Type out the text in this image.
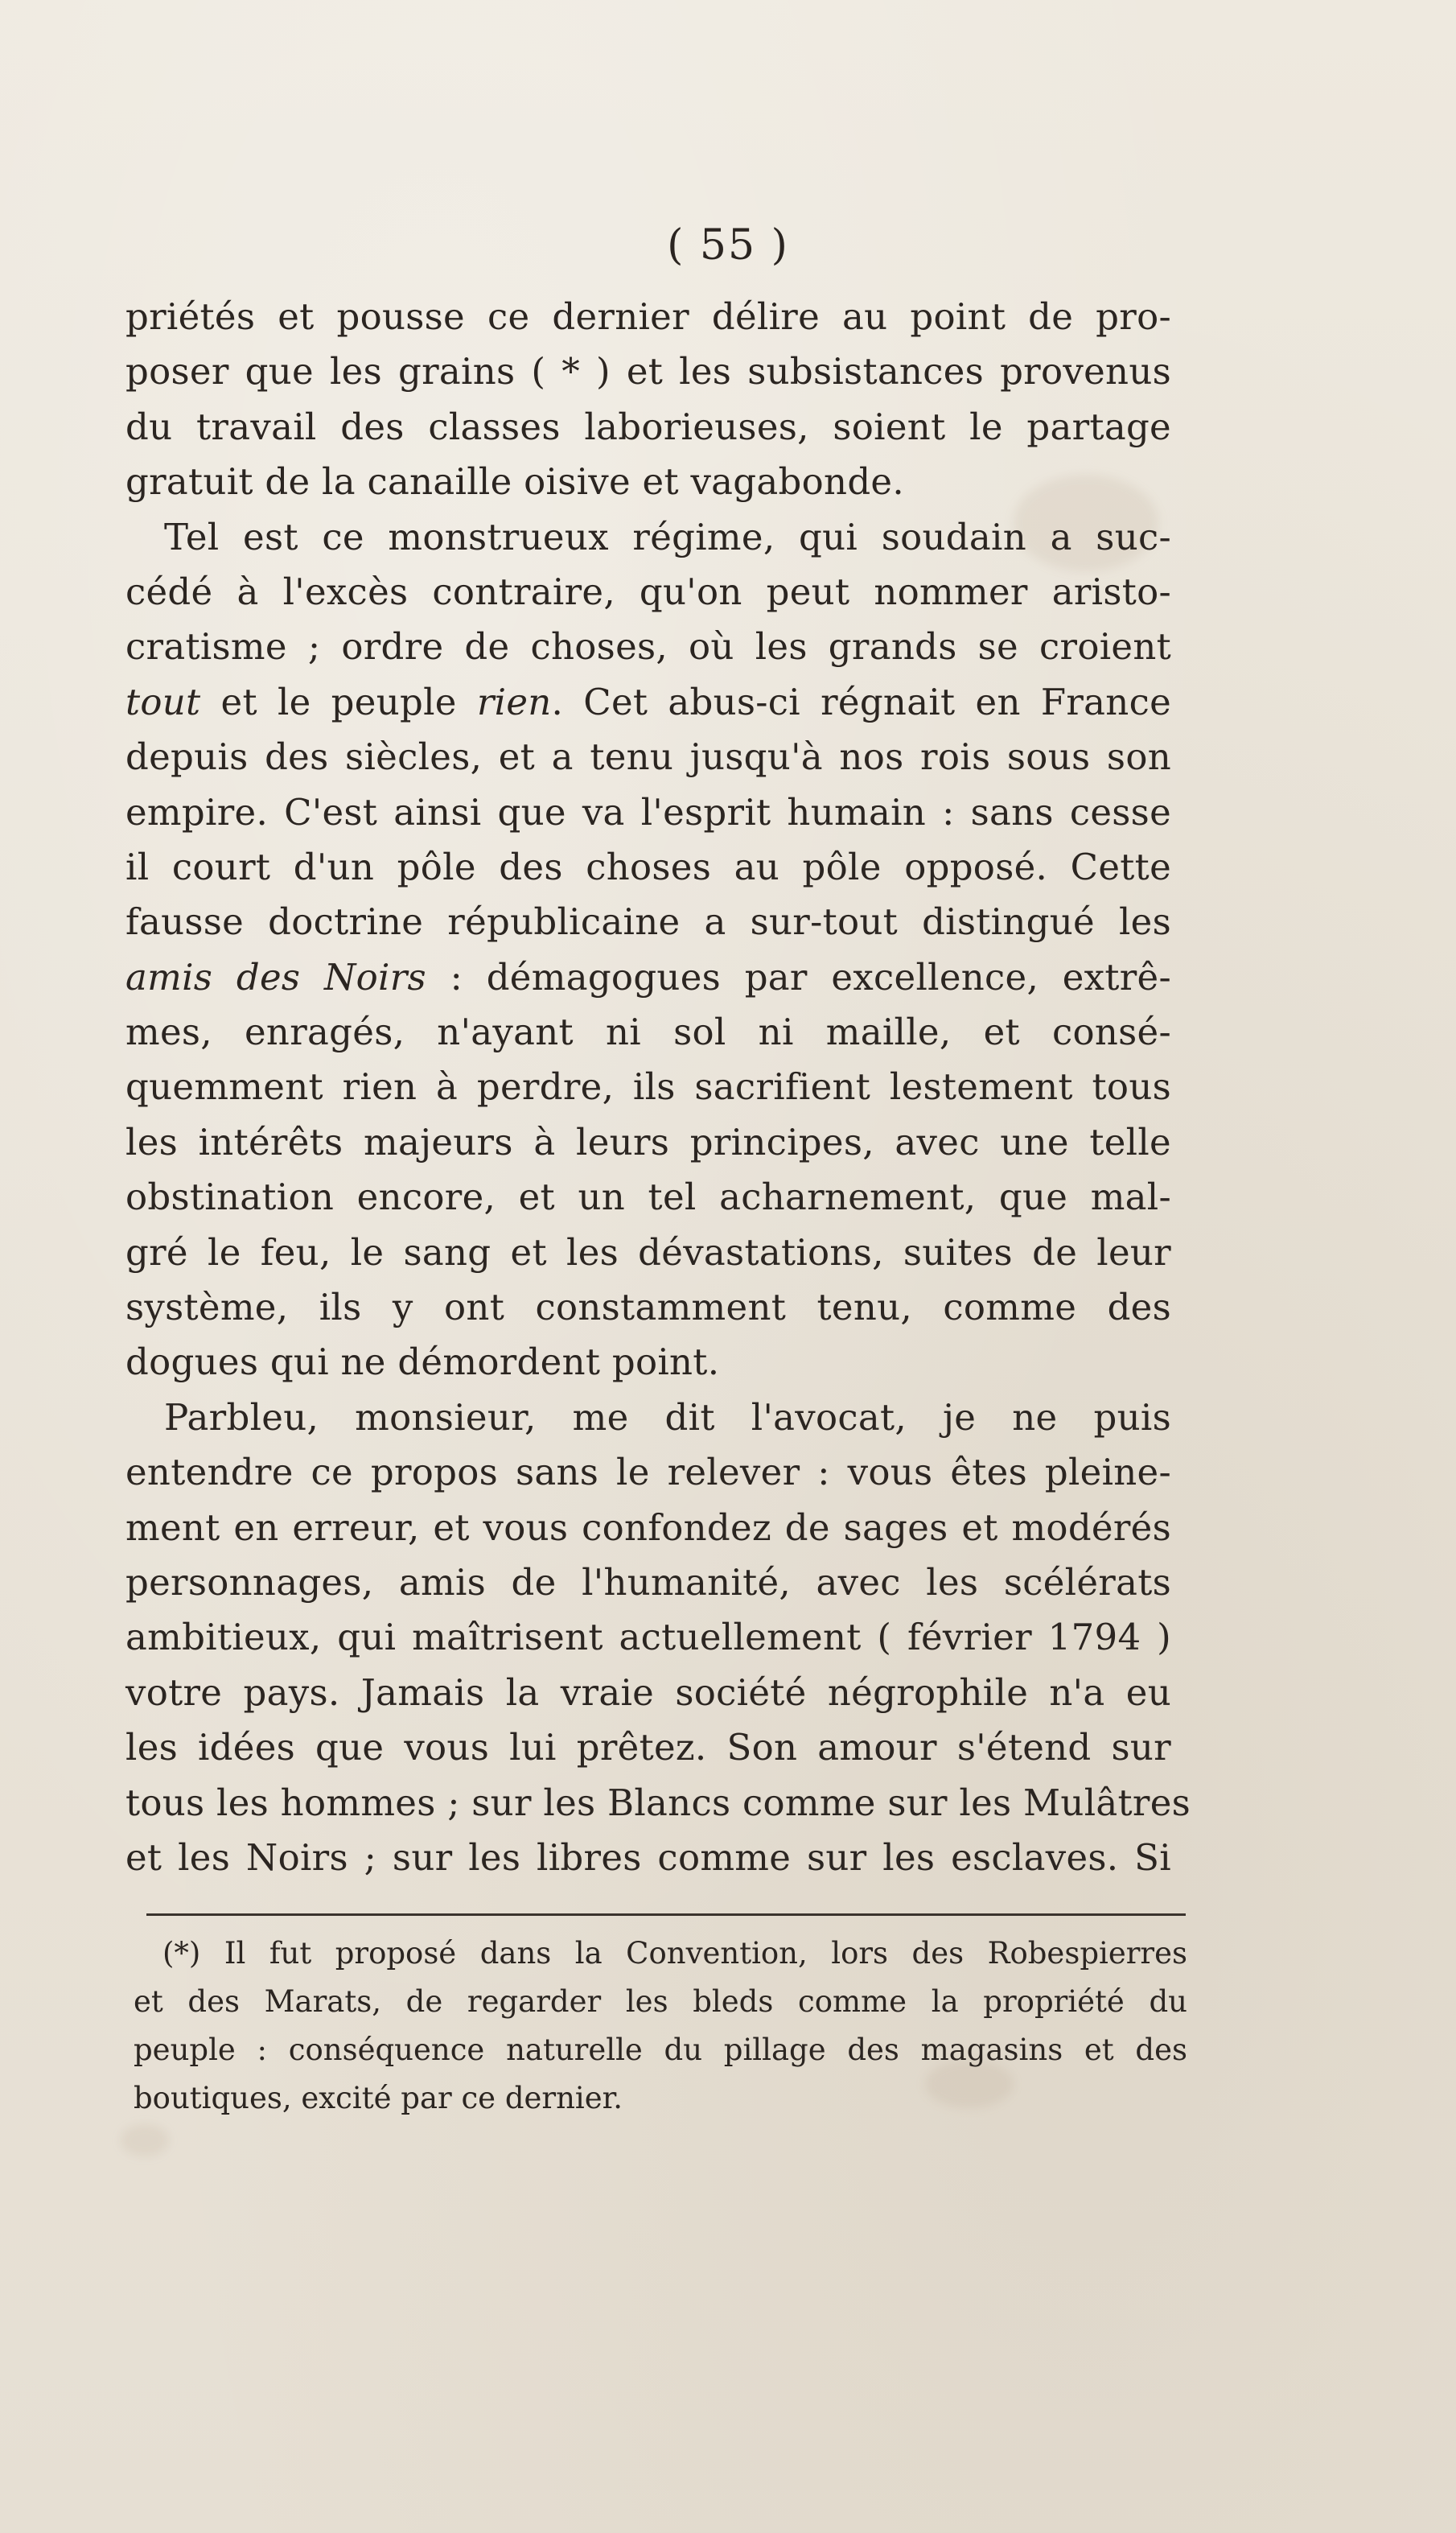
( 55 )
priétés et pousse ce dernier délire au point de pro-
poser que les grains ( * ) et les subsistances provenus
du travail des classes laborieuses, soient le partage
gratuit de la canaille oisive et vagabonde.
Tel est ce monstrueux régime, qui soudain a suc-
cédé à l'excès contraire, qu'on peut nommer aristo-
cratisme ; ordre de choses, où les grands se croient
tout et le peuple rien. Cet abus-ci régnait en France
depuis des siècles, et a tenu jusqu'à nos rois sous son
empire. C'est ainsi que va l'esprit humain : sans cesse
il court d'un pôle des choses au pôle opposé. Cette
fausse doctrine républicaine a sur-tout distingué les
amis des Noirs : démagogues par excellence, extrê-
mes, enragés, n'ayant ni sol ni maille, et consé-
quemment rien à perdre, ils sacrifient lestement tous
les intérêts majeurs à leurs principes, avec une telle
obstination encore, et un tel acharnement, que mal-
gré le feu, le sang et les dévastations, suites de leur
système, ils y ont constamment tenu, comme des
dogues qui ne démordent point.
Parbleu, monsieur, me dit l'avocat, je ne puis
entendre ce propos sans le relever : vous êtes pleine-
ment en erreur, et vous confondez de sages et modérés
personnages, amis de l'humanité, avec les scélérats
ambitieux, qui maîtrisent actuellement ( février 1794 )
votre pays. Jamais la vraie société négrophile n'a eu
les idées que vous lui prêtez. Son amour s'étend sur
tous les hommes ; sur les Blancs comme sur les Mulâtres
et les Noirs ; sur les libres comme sur les esclaves. Si
(*) Il fut proposé dans la Convention, lors des Robespierres
et des Marats, de regarder les bleds comme la propriété du
peuple : conséquence naturelle du pillage des magasins et des
boutiques, excité par ce dernier.
